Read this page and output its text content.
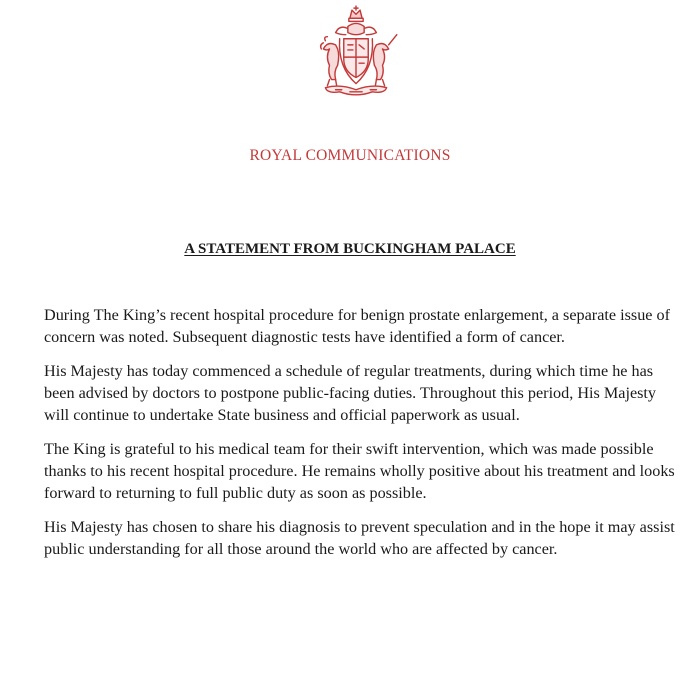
ROYAL COMMUNICATIONS
A STATEMENT FROM BUCKINGHAM PALACE

During The King’s recent hospital procedure for benign prostate enlargement, a separate issue of concern was noted. Subsequent diagnostic tests have identified a form of cancer.

His Majesty has today commenced a schedule of regular treatments, during which time he has been advised by doctors to postpone public-facing duties. Throughout this period, His Majesty will continue to undertake State business and official paperwork as usual.

The King is grateful to his medical team for their swift intervention, which was made possible thanks to his recent hospital procedure. He remains wholly positive about his treatment and looks forward to returning to full public duty as soon as possible.

His Majesty has chosen to share his diagnosis to prevent speculation and in the hope it may assist public understanding for all those around the world who are affected by cancer.
